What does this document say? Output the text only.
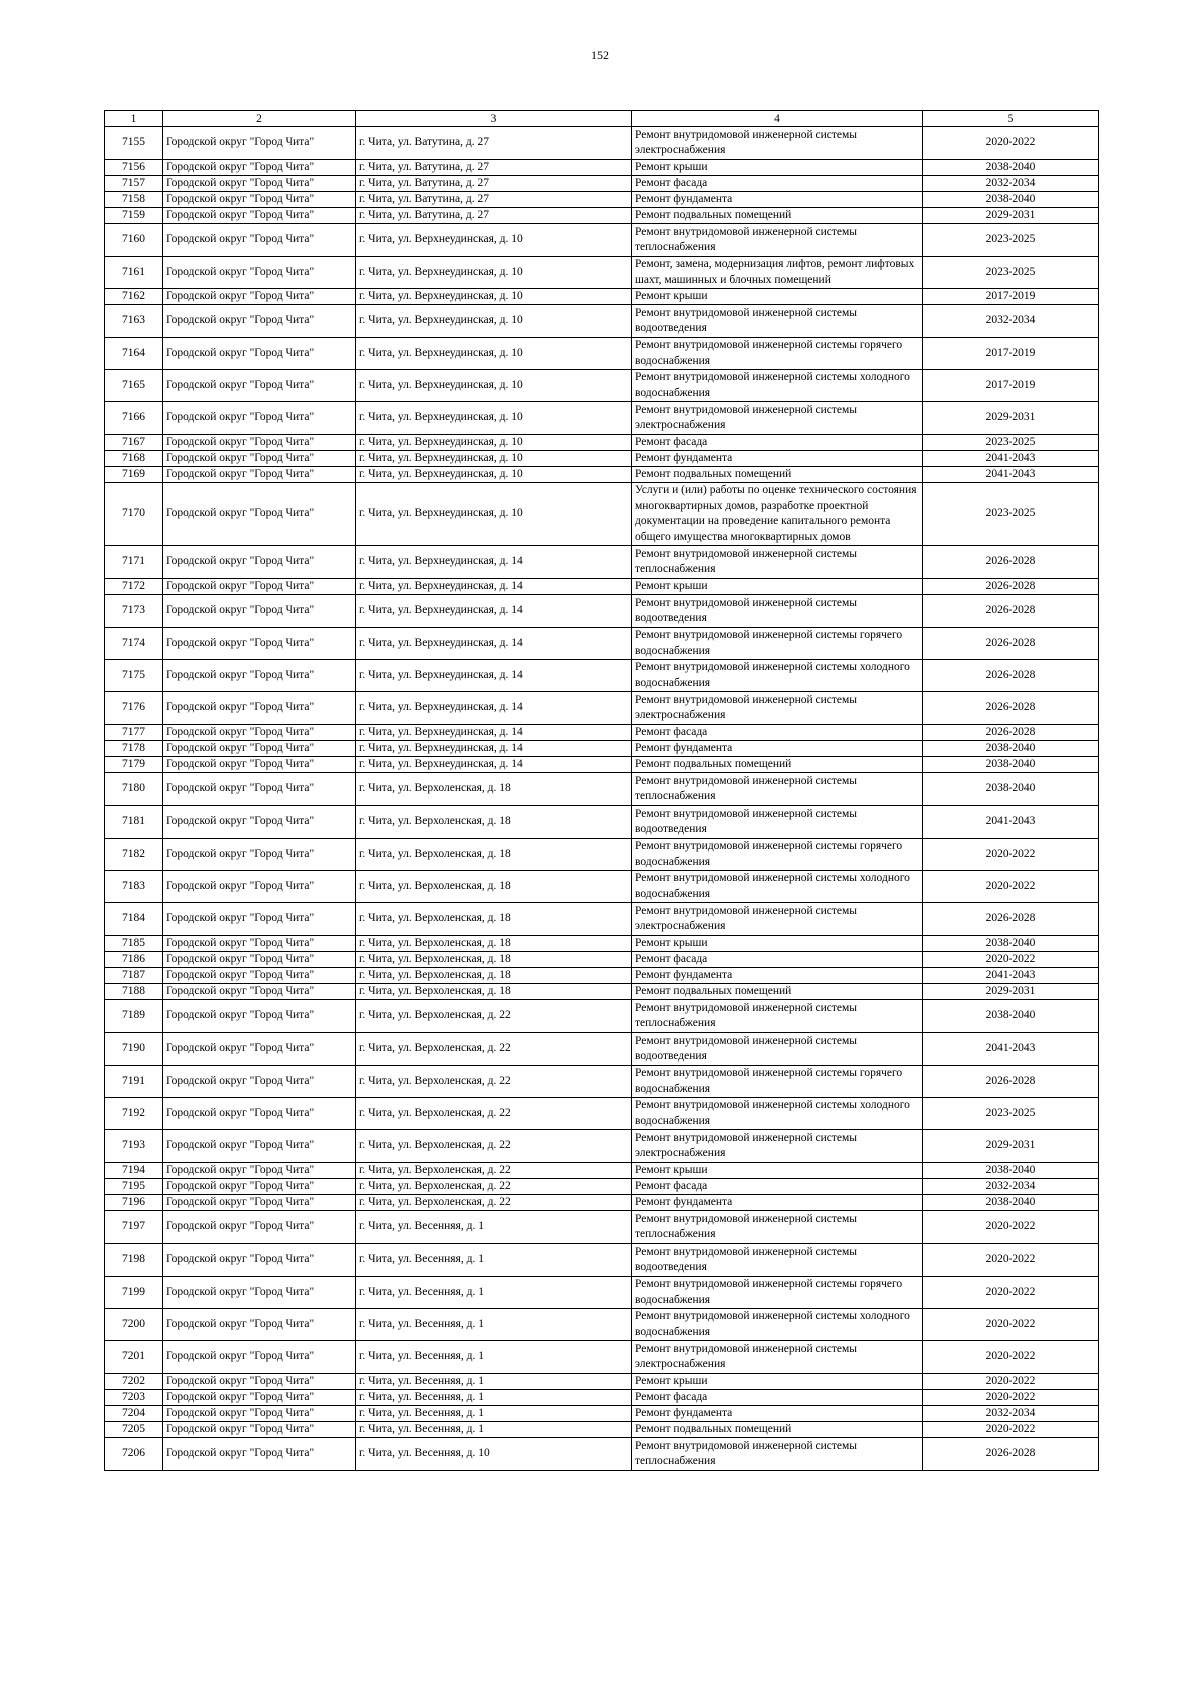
152
1	2	3	4	5
7155	Городской округ "Город Чита"	г. Чита, ул. Ватутина, д. 27	Ремонт внутридомовой инженерной системы электроснабжения	2020-2022
7156	Городской округ "Город Чита"	г. Чита, ул. Ватутина, д. 27	Ремонт крыши	2038-2040
7157	Городской округ "Город Чита"	г. Чита, ул. Ватутина, д. 27	Ремонт фасада	2032-2034
7158	Городской округ "Город Чита"	г. Чита, ул. Ватутина, д. 27	Ремонт фундамента	2038-2040
7159	Городской округ "Город Чита"	г. Чита, ул. Ватутина, д. 27	Ремонт подвальных помещений	2029-2031
7160	Городской округ "Город Чита"	г. Чита, ул. Верхнеудинская, д. 10	Ремонт внутридомовой инженерной системы теплоснабжения	2023-2025
7161	Городской округ "Город Чита"	г. Чита, ул. Верхнеудинская, д. 10	Ремонт, замена, модернизация лифтов, ремонт лифтовых шахт, машинных и блочных помещений	2023-2025
7162	Городской округ "Город Чита"	г. Чита, ул. Верхнеудинская, д. 10	Ремонт крыши	2017-2019
7163	Городской округ "Город Чита"	г. Чита, ул. Верхнеудинская, д. 10	Ремонт внутридомовой инженерной системы водоотведения	2032-2034
7164	Городской округ "Город Чита"	г. Чита, ул. Верхнеудинская, д. 10	Ремонт внутридомовой инженерной системы горячего водоснабжения	2017-2019
7165	Городской округ "Город Чита"	г. Чита, ул. Верхнеудинская, д. 10	Ремонт внутридомовой инженерной системы холодного водоснабжения	2017-2019
7166	Городской округ "Город Чита"	г. Чита, ул. Верхнеудинская, д. 10	Ремонт внутридомовой инженерной системы электроснабжения	2029-2031
7167	Городской округ "Город Чита"	г. Чита, ул. Верхнеудинская, д. 10	Ремонт фасада	2023-2025
7168	Городской округ "Город Чита"	г. Чита, ул. Верхнеудинская, д. 10	Ремонт фундамента	2041-2043
7169	Городской округ "Город Чита"	г. Чита, ул. Верхнеудинская, д. 10	Ремонт подвальных помещений	2041-2043
7170	Городской округ "Город Чита"	г. Чита, ул. Верхнеудинская, д. 10	Услуги и (или) работы по оценке технического состояния многоквартирных домов, разработке проектной документации на проведение капитального ремонта общего имущества многоквартирных домов	2023-2025
7171	Городской округ "Город Чита"	г. Чита, ул. Верхнеудинская, д. 14	Ремонт внутридомовой инженерной системы теплоснабжения	2026-2028
7172	Городской округ "Город Чита"	г. Чита, ул. Верхнеудинская, д. 14	Ремонт крыши	2026-2028
7173	Городской округ "Город Чита"	г. Чита, ул. Верхнеудинская, д. 14	Ремонт внутридомовой инженерной системы водоотведения	2026-2028
7174	Городской округ "Город Чита"	г. Чита, ул. Верхнеудинская, д. 14	Ремонт внутридомовой инженерной системы горячего водоснабжения	2026-2028
7175	Городской округ "Город Чита"	г. Чита, ул. Верхнеудинская, д. 14	Ремонт внутридомовой инженерной системы холодного водоснабжения	2026-2028
7176	Городской округ "Город Чита"	г. Чита, ул. Верхнеудинская, д. 14	Ремонт внутридомовой инженерной системы электроснабжения	2026-2028
7177	Городской округ "Город Чита"	г. Чита, ул. Верхнеудинская, д. 14	Ремонт фасада	2026-2028
7178	Городской округ "Город Чита"	г. Чита, ул. Верхнеудинская, д. 14	Ремонт фундамента	2038-2040
7179	Городской округ "Город Чита"	г. Чита, ул. Верхнеудинская, д. 14	Ремонт подвальных помещений	2038-2040
7180	Городской округ "Город Чита"	г. Чита, ул. Верхоленская, д. 18	Ремонт внутридомовой инженерной системы теплоснабжения	2038-2040
7181	Городской округ "Город Чита"	г. Чита, ул. Верхоленская, д. 18	Ремонт внутридомовой инженерной системы водоотведения	2041-2043
7182	Городской округ "Город Чита"	г. Чита, ул. Верхоленская, д. 18	Ремонт внутридомовой инженерной системы горячего водоснабжения	2020-2022
7183	Городской округ "Город Чита"	г. Чита, ул. Верхоленская, д. 18	Ремонт внутридомовой инженерной системы холодного водоснабжения	2020-2022
7184	Городской округ "Город Чита"	г. Чита, ул. Верхоленская, д. 18	Ремонт внутридомовой инженерной системы электроснабжения	2026-2028
7185	Городской округ "Город Чита"	г. Чита, ул. Верхоленская, д. 18	Ремонт крыши	2038-2040
7186	Городской округ "Город Чита"	г. Чита, ул. Верхоленская, д. 18	Ремонт фасада	2020-2022
7187	Городской округ "Город Чита"	г. Чита, ул. Верхоленская, д. 18	Ремонт фундамента	2041-2043
7188	Городской округ "Город Чита"	г. Чита, ул. Верхоленская, д. 18	Ремонт подвальных помещений	2029-2031
7189	Городской округ "Город Чита"	г. Чита, ул. Верхоленская, д. 22	Ремонт внутридомовой инженерной системы теплоснабжения	2038-2040
7190	Городской округ "Город Чита"	г. Чита, ул. Верхоленская, д. 22	Ремонт внутридомовой инженерной системы водоотведения	2041-2043
7191	Городской округ "Город Чита"	г. Чита, ул. Верхоленская, д. 22	Ремонт внутридомовой инженерной системы горячего водоснабжения	2026-2028
7192	Городской округ "Город Чита"	г. Чита, ул. Верхоленская, д. 22	Ремонт внутридомовой инженерной системы холодного водоснабжения	2023-2025
7193	Городской округ "Город Чита"	г. Чита, ул. Верхоленская, д. 22	Ремонт внутридомовой инженерной системы электроснабжения	2029-2031
7194	Городской округ "Город Чита"	г. Чита, ул. Верхоленская, д. 22	Ремонт крыши	2038-2040
7195	Городской округ "Город Чита"	г. Чита, ул. Верхоленская, д. 22	Ремонт фасада	2032-2034
7196	Городской округ "Город Чита"	г. Чита, ул. Верхоленская, д. 22	Ремонт фундамента	2038-2040
7197	Городской округ "Город Чита"	г. Чита, ул. Весенняя, д. 1	Ремонт внутридомовой инженерной системы теплоснабжения	2020-2022
7198	Городской округ "Город Чита"	г. Чита, ул. Весенняя, д. 1	Ремонт внутридомовой инженерной системы водоотведения	2020-2022
7199	Городской округ "Город Чита"	г. Чита, ул. Весенняя, д. 1	Ремонт внутридомовой инженерной системы горячего водоснабжения	2020-2022
7200	Городской округ "Город Чита"	г. Чита, ул. Весенняя, д. 1	Ремонт внутридомовой инженерной системы холодного водоснабжения	2020-2022
7201	Городской округ "Город Чита"	г. Чита, ул. Весенняя, д. 1	Ремонт внутридомовой инженерной системы электроснабжения	2020-2022
7202	Городской округ "Город Чита"	г. Чита, ул. Весенняя, д. 1	Ремонт крыши	2020-2022
7203	Городской округ "Город Чита"	г. Чита, ул. Весенняя, д. 1	Ремонт фасада	2020-2022
7204	Городской округ "Город Чита"	г. Чита, ул. Весенняя, д. 1	Ремонт фундамента	2032-2034
7205	Городской округ "Город Чита"	г. Чита, ул. Весенняя, д. 1	Ремонт подвальных помещений	2020-2022
7206	Городской округ "Город Чита"	г. Чита, ул. Весенняя, д. 10	Ремонт внутридомовой инженерной системы теплоснабжения	2026-2028
